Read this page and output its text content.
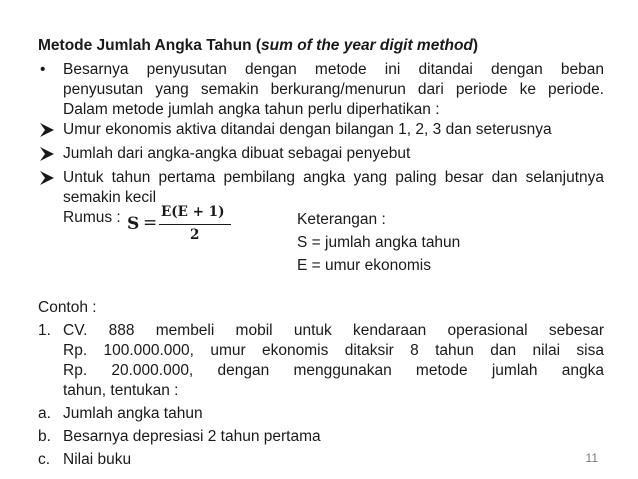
Metode Jumlah Angka Tahun (sum of the year digit method)
• Besarnya penyusutan dengan metode ini ditandai dengan beban
penyusutan yang semakin berkurang/menurun dari periode ke periode.
Dalam metode jumlah angka tahun perlu diperhatikan :
Umur ekonomis aktiva ditandai dengan bilangan 1, 2, 3 dan seterusnya
Jumlah dari angka-angka dibuat sebagai penyebut
Untuk tahun pertama pembilang angka yang paling besar dan selanjutnya
semakin kecil
Rumus : S =
E(E + 1)
2
Keterangan :
S = jumlah angka tahun
E = umur ekonomis
Contoh :
1. CV. 888 membeli mobil untuk kendaraan operasional sebesar
Rp. 100.000.000, umur ekonomis ditaksir 8 tahun dan nilai sisa
Rp. 20.000.000, dengan menggunakan metode jumlah angka
tahun, tentukan :
a. Jumlah angka tahun
b. Besarnya depresiasi 2 tahun pertama
c. Nilai buku	11
